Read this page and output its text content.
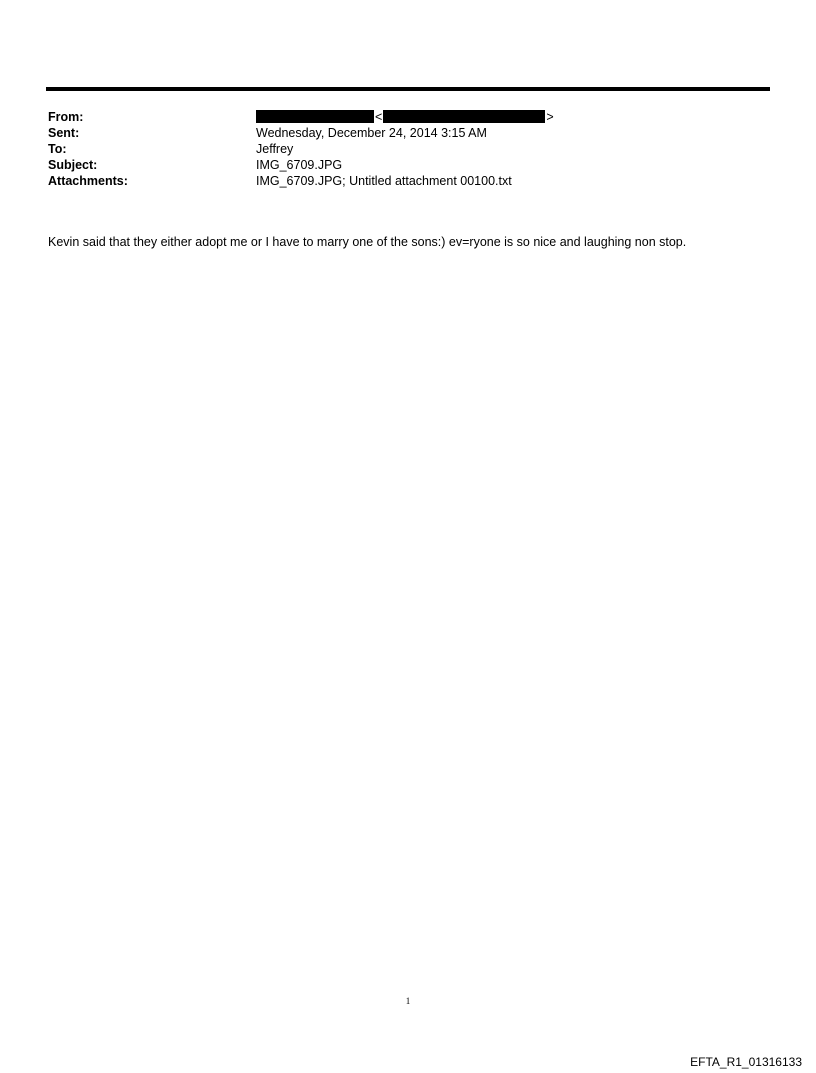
From:	<	>
Sent:	Wednesday, December 24, 2014 3:15 AM
To:	Jeffrey
Subject:	IMG_6709.JPG
Attachments:	IMG_6709.JPG; Untitled attachment 00100.txt
Kevin said that they either adopt me or I have to marry one of the sons:) ev=ryone is so nice and laughing non stop.
1
EFTA_R1_01316133
